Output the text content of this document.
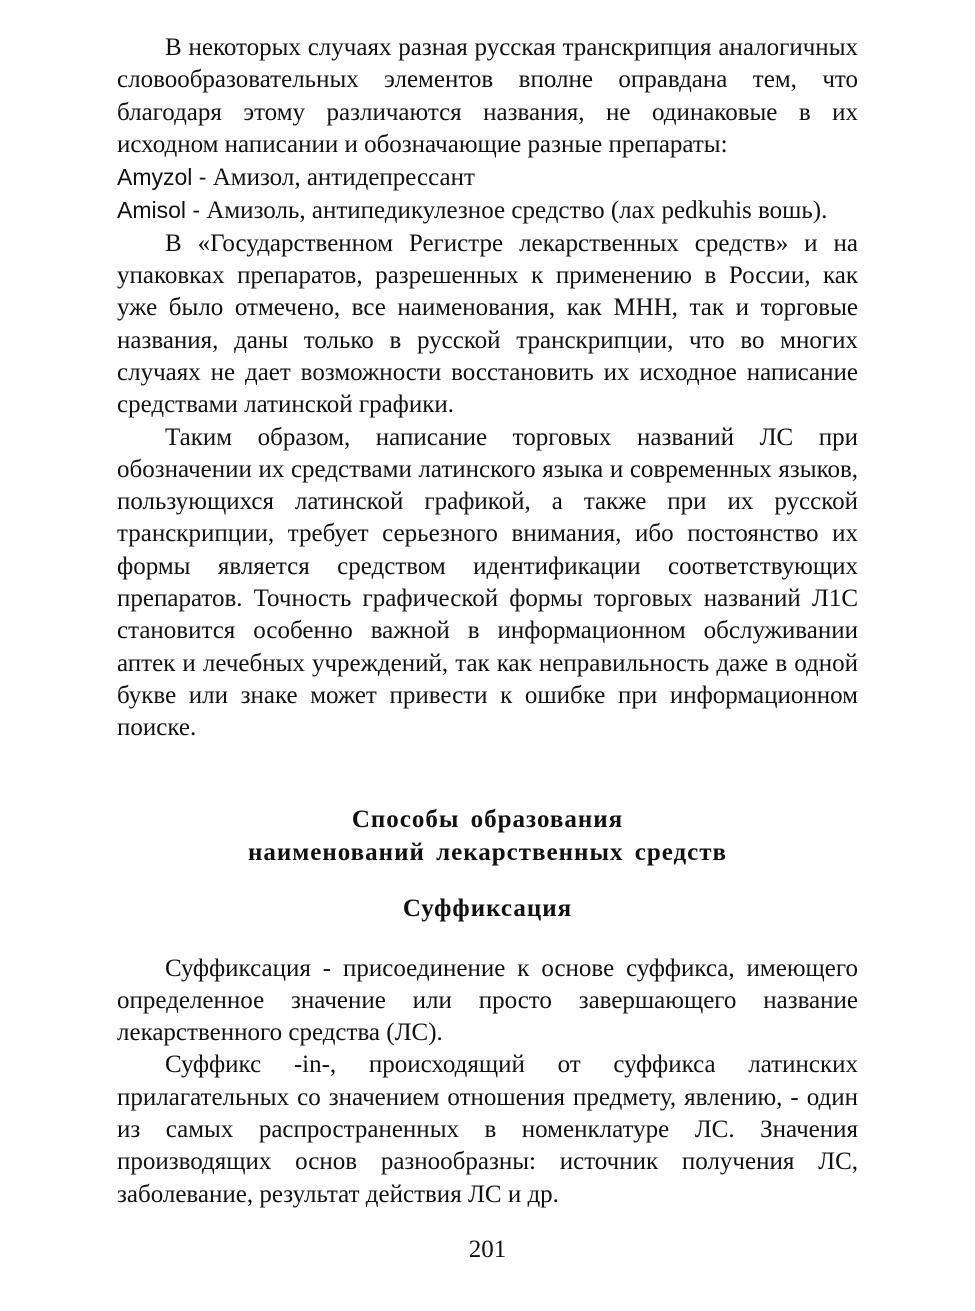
В некоторых случаях разная русская транскрипция аналогичных словообразовательных элементов вполне оправдана тем, что благодаря этому различаются названия, не одинаковые в их исходном написании и обозначающие разные препараты:

Amyzol - Амизол, антидепрессант

Amisol - Амизоль, антипедикулезное средство (лах pedkuhis вошь).

В «Государственном Регистре лекарственных средств» и на упаковках препаратов, разрешенных к применению в России, как уже было отмечено, все наименования, как МНН, так и торговые названия, даны только в русской транскрипции, что во многих случаях не дает возможности восстановить их исходное написание средствами латинской графики.

Таким образом, написание торговых названий ЛС при обозначении их средствами латинского языка и современных языков, пользующихся латинской графикой, а также при их русской транскрипции, требует серьезного внимания, ибо постоянство их формы является средством идентификации соответствующих препаратов. Точность графической формы торговых названий Л1С становится особенно важной в информационном обслуживании аптек и лечебных учреждений, так как неправильность даже в одной букве или знаке может привести к ошибке при информационном поиске.

Способы образования
наименований лекарственных средств
Суффиксация

Суффиксация - присоединение к основе суффикса, имеющего определенное значение или просто завершающего название лекарственного средства (ЛС).

Суффикс -in-, происходящий от суффикса латинских прилагательных со значением отношения предмету, явлению, - один из самых распространенных в номенклатуре ЛС. Значения производящих основ разнообразны: источник получения ЛС, заболевание, результат действия ЛС и др.

201
